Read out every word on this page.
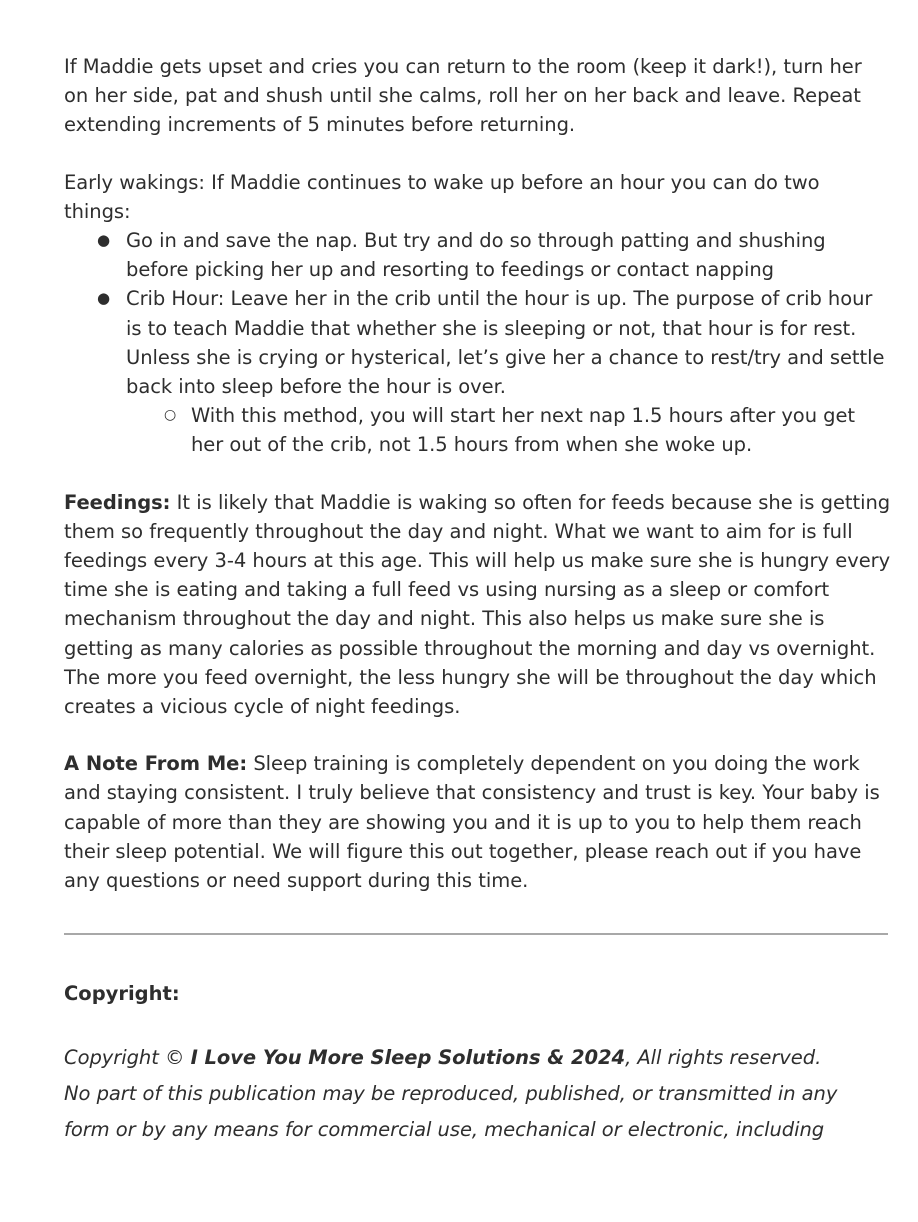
If Maddie gets upset and cries you can return to the room (keep it dark!), turn her on her side, pat and shush until she calms, roll her on her back and leave. Repeat extending increments of 5 minutes before returning.

Early wakings: If Maddie continues to wake up before an hour you can do two things:

● Go in and save the nap. But try and do so through patting and shushing before picking her up and resorting to feedings or contact napping
● Crib Hour: Leave her in the crib until the hour is up. The purpose of crib hour is to teach Maddie that whether she is sleeping or not, that hour is for rest. Unless she is crying or hysterical, let’s give her a chance to rest/try and settle back into sleep before the hour is over.
○ With this method, you will start her next nap 1.5 hours after you get her out of the crib, not 1.5 hours from when she woke up.

Feedings: It is likely that Maddie is waking so often for feeds because she is getting them so frequently throughout the day and night. What we want to aim for is full feedings every 3-4 hours at this age. This will help us make sure she is hungry every time she is eating and taking a full feed vs using nursing as a sleep or comfort mechanism throughout the day and night. This also helps us make sure she is getting as many calories as possible throughout the morning and day vs overnight. The more you feed overnight, the less hungry she will be throughout the day which creates a vicious cycle of night feedings.

A Note From Me: Sleep training is completely dependent on you doing the work and staying consistent. I truly believe that consistency and trust is key. Your baby is capable of more than they are showing you and it is up to you to help them reach their sleep potential. We will figure this out together, please reach out if you have any questions or need support during this time.

Copyright:

Copyright © I Love You More Sleep Solutions & 2024, All rights reserved.

No part of this publication may be reproduced, published, or transmitted in any

form or by any means for commercial use, mechanical or electronic, including
